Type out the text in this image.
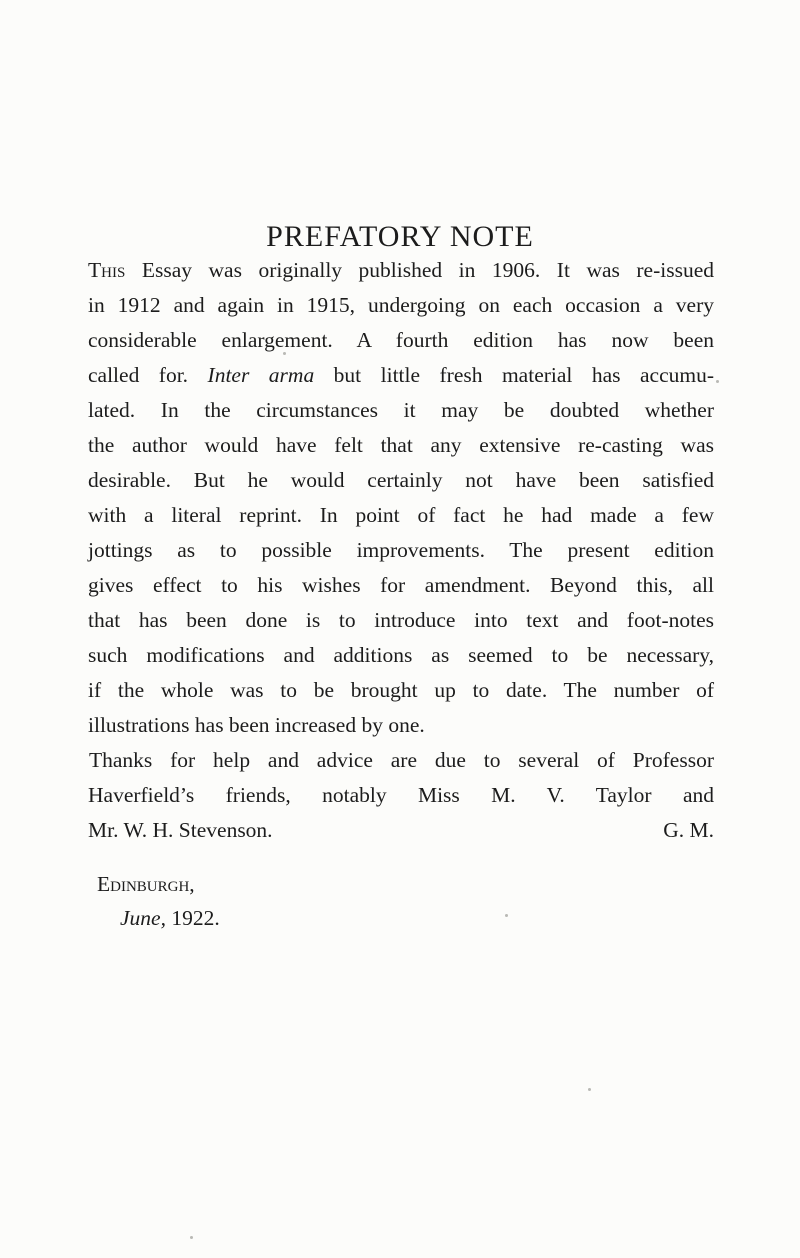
PREFATORY NOTE
This Essay was originally published in 1906. It was re-issued
in 1912 and again in 1915, undergoing on each occasion a very
considerable enlargement. A fourth edition has now been
called for. Inter arma but little fresh material has accumu-
lated. In the circumstances it may be doubted whether
the author would have felt that any extensive re-casting was
desirable. But he would certainly not have been satisfied
with a literal reprint. In point of fact he had made a few
jottings as to possible improvements. The present edition
gives effect to his wishes for amendment. Beyond this, all
that has been done is to introduce into text and foot-notes
such modifications and additions as seemed to be necessary,
if the whole was to be brought up to date. The number of
illustrations has been increased by one.
Thanks for help and advice are due to several of Professor
Haverfield’s friends, notably Miss M. V. Taylor and
Mr. W. H. Stevenson.	G. M.
Edinburgh,
June, 1922.
